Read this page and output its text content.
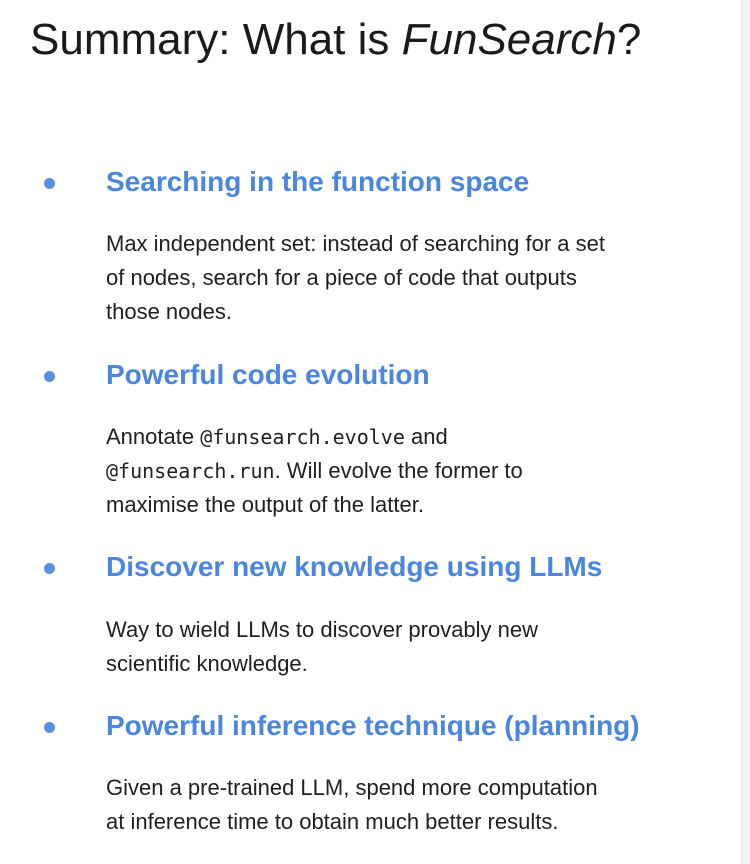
Summary: What is FunSearch?
Searching in the function space

Max independent set: instead of searching for a set
of nodes, search for a piece of code that outputs
those nodes.

Powerful code evolution

Annotate @funsearch.evolve and
@funsearch.run. Will evolve the former to
maximise the output of the latter.

Discover new knowledge using LLMs

Way to wield LLMs to discover provably new
scientific knowledge.

Powerful inference technique (planning)

Given a pre-trained LLM, spend more computation
at inference time to obtain much better results.
